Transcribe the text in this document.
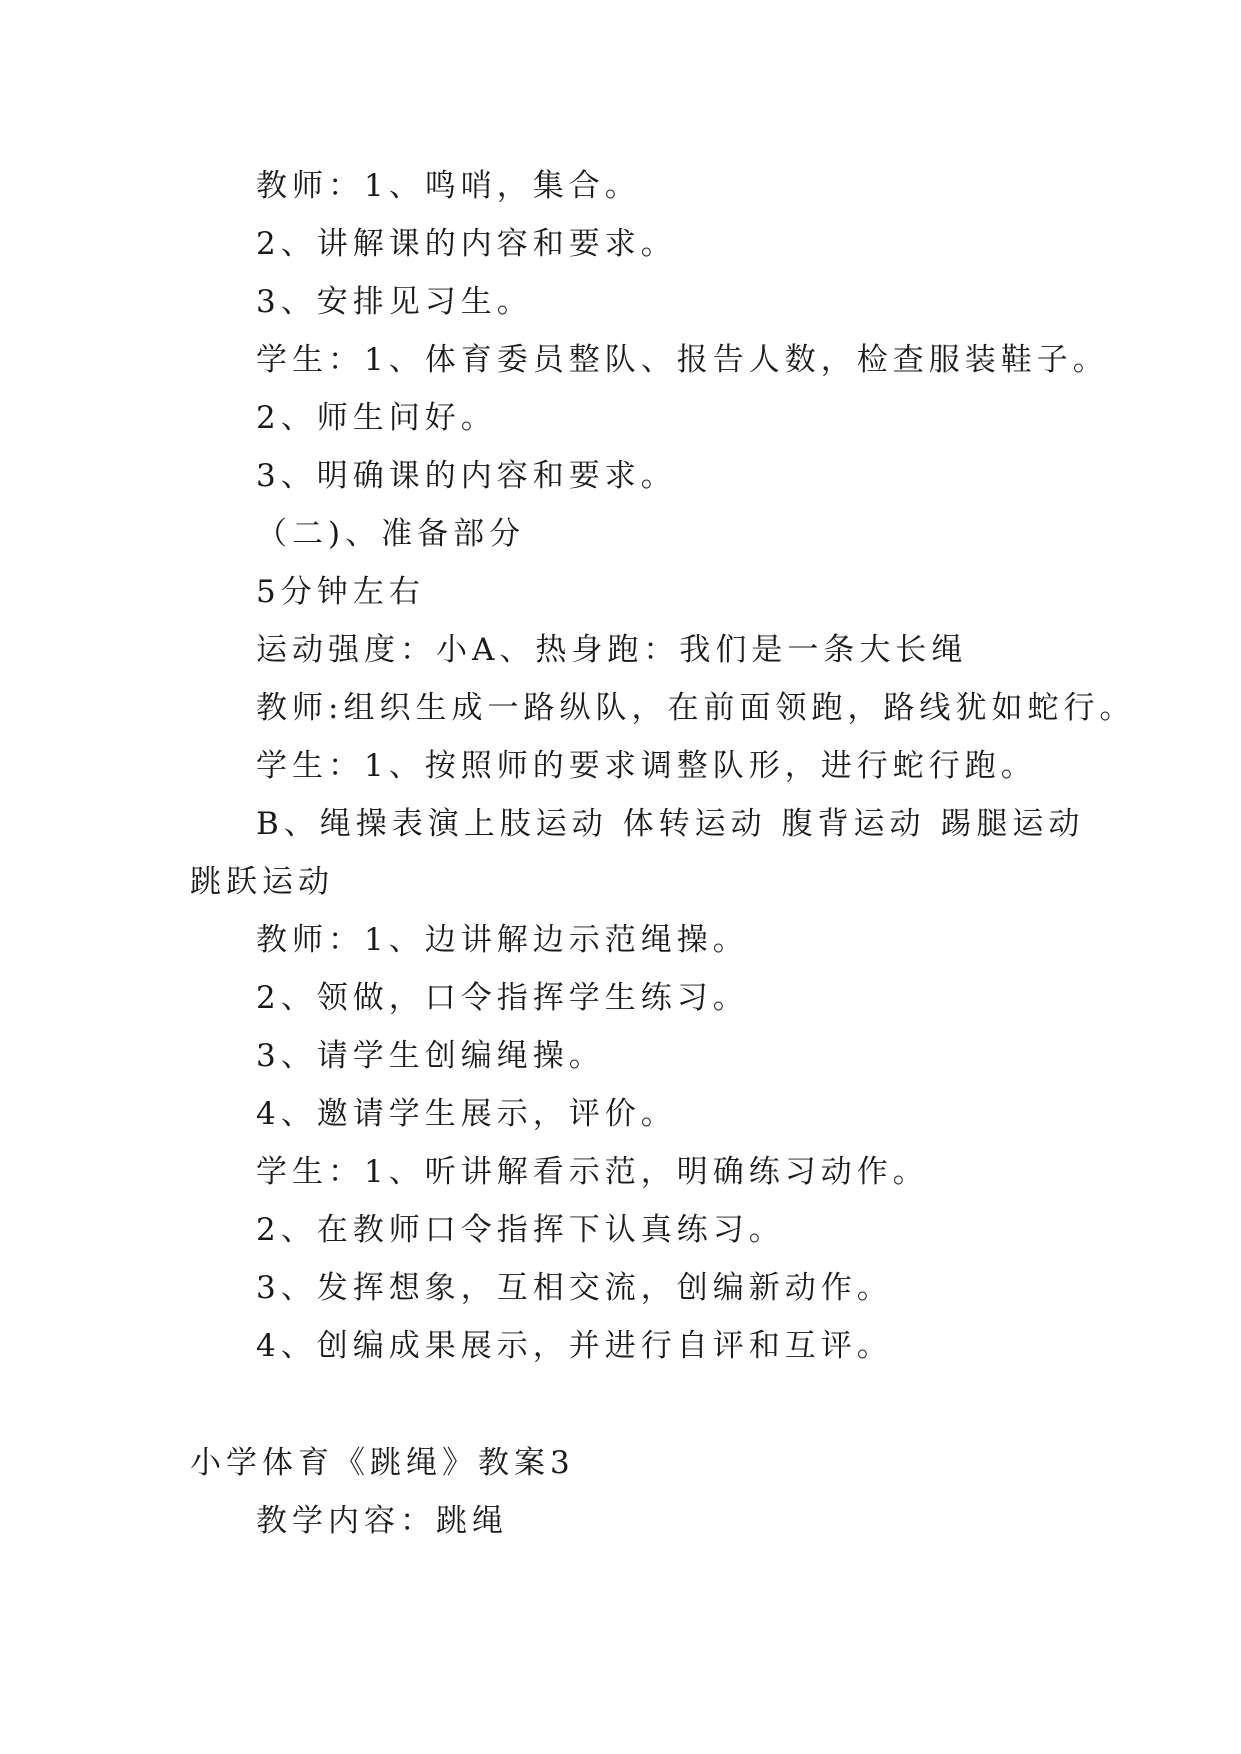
教师：1、鸣哨，集合。
2、讲解课的内容和要求。
3、安排见习生。
学生：1、体育委员整队、报告人数，检查服装鞋子。
2、师生问好。
3、明确课的内容和要求。
（二)、准备部分
5分钟左右
运动强度：小A、热身跑：我们是一条大长绳
教师:组织生成一路纵队，在前面领跑，路线犹如蛇行。
学生：1、按照师的要求调整队形，进行蛇行跑。
B、绳操表演上肢运动 体转运动 腹背运动 踢腿运动
跳跃运动
教师：1、边讲解边示范绳操。
2、领做，口令指挥学生练习。
3、请学生创编绳操。
4、邀请学生展示，评价。
学生：1、听讲解看示范，明确练习动作。
2、在教师口令指挥下认真练习。
3、发挥想象，互相交流，创编新动作。
4、创编成果展示，并进行自评和互评。
小学体育《跳绳》教案3
教学内容：跳绳
